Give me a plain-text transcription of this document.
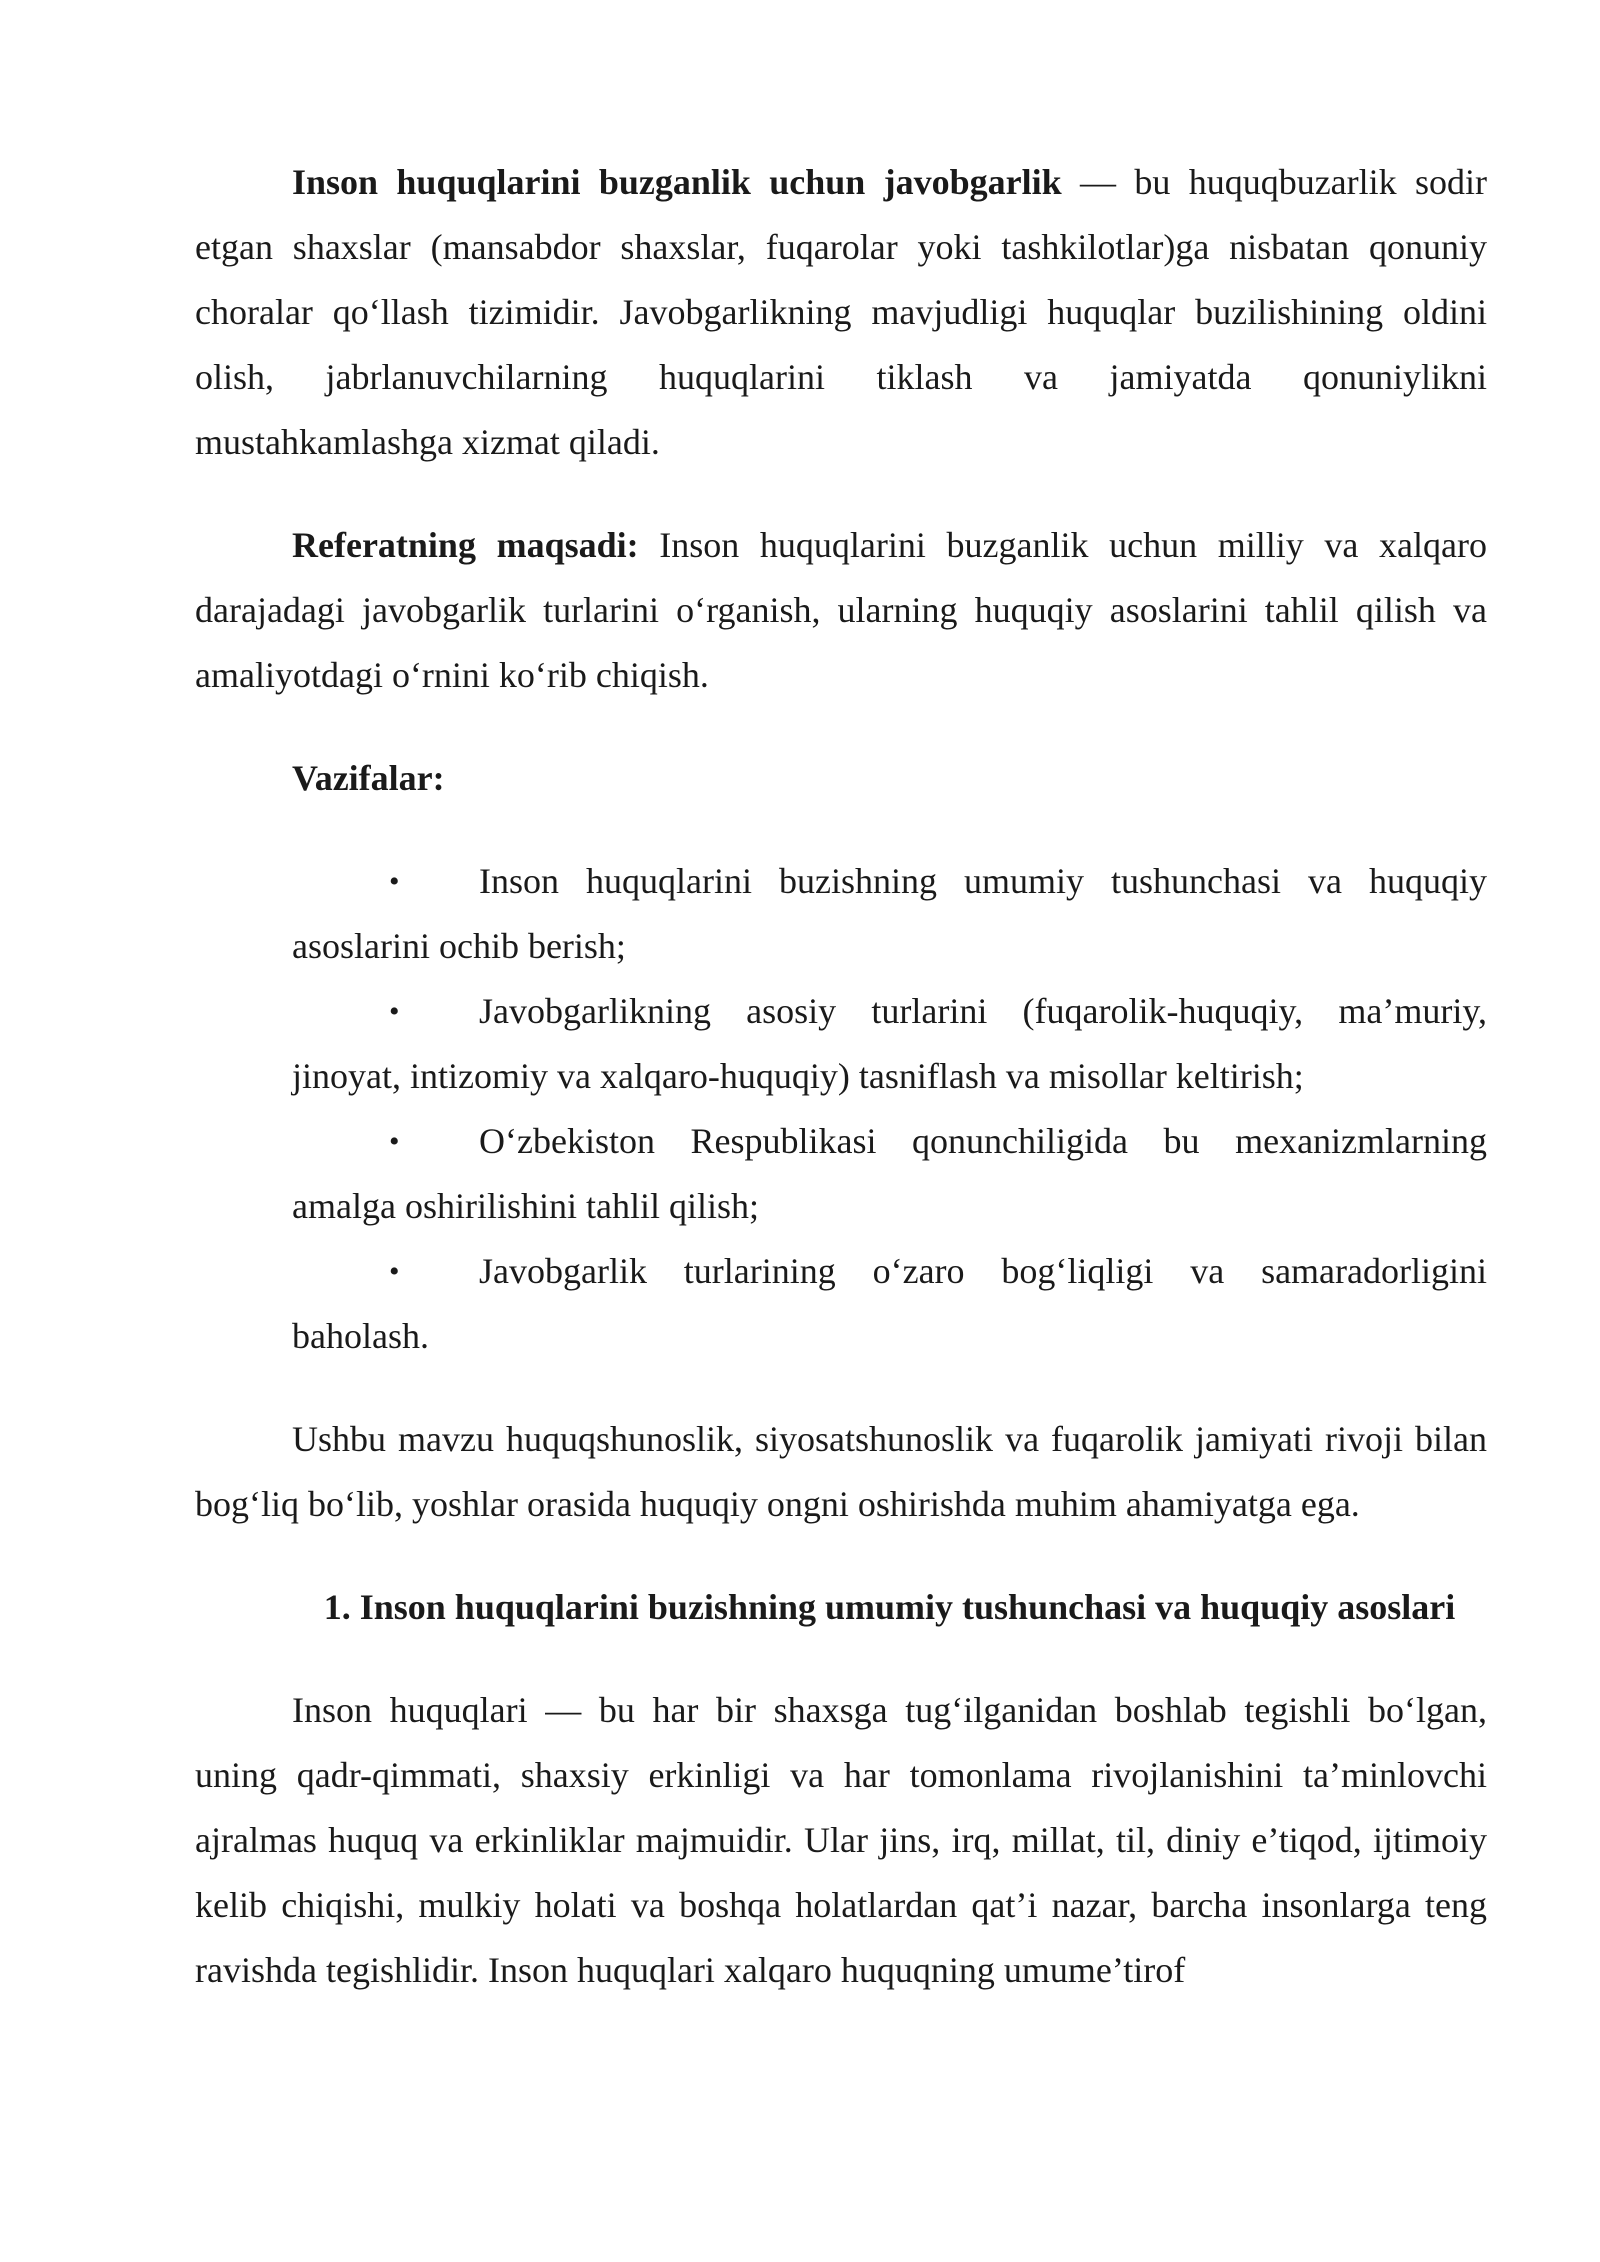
Inson huquqlarini buzganlik uchun javobgarlik — bu huquqbuzarlik sodir etgan shaxslar (mansabdor shaxslar, fuqarolar yoki tashkilotlar)ga nisbatan qonuniy choralar qo‘llash tizimidir. Javobgarlikning mavjudligi huquqlar buzilishining oldini olish, jabrlanuvchilarning huquqlarini tiklash va jamiyatda qonuniylikni mustahkamlashga xizmat qiladi.

Referatning maqsadi: Inson huquqlarini buzganlik uchun milliy va xalqaro darajadagi javobgarlik turlarini o‘rganish, ularning huquqiy asoslarini tahlil qilish va amaliyotdagi o‘rnini ko‘rib chiqish.

Vazifalar:

• Inson huquqlarini buzishning umumiy tushunchasi va huquqiy asoslarini ochib berish;
• Javobgarlikning asosiy turlarini (fuqarolik-huquqiy, ma’muriy, jinoyat, intizomiy va xalqaro-huquqiy) tasniflash va misollar keltirish;
• O‘zbekiston Respublikasi qonunchiligida bu mexanizmlarning amalga oshirilishini tahlil qilish;
• Javobgarlik turlarining o‘zaro bog‘liqligi va samaradorligini baholash.

Ushbu mavzu huquqshunoslik, siyosatshunoslik va fuqarolik jamiyati rivoji bilan bog‘liq bo‘lib, yoshlar orasida huquqiy ongni oshirishda muhim ahamiyatga ega.

1. Inson huquqlarini buzishning umumiy tushunchasi va huquqiy asoslari

Inson huquqlari — bu har bir shaxsga tug‘ilganidan boshlab tegishli bo‘lgan, uning qadr-qimmati, shaxsiy erkinligi va har tomonlama rivojlanishini ta’minlovchi ajralmas huquq va erkinliklar majmuidir. Ular jins, irq, millat, til, diniy e’tiqod, ijtimoiy kelib chiqishi, mulkiy holati va boshqa holatlardan qat’i nazar, barcha insonlarga teng ravishda tegishlidir. Inson huquqlari xalqaro huquqning umume’tirof
